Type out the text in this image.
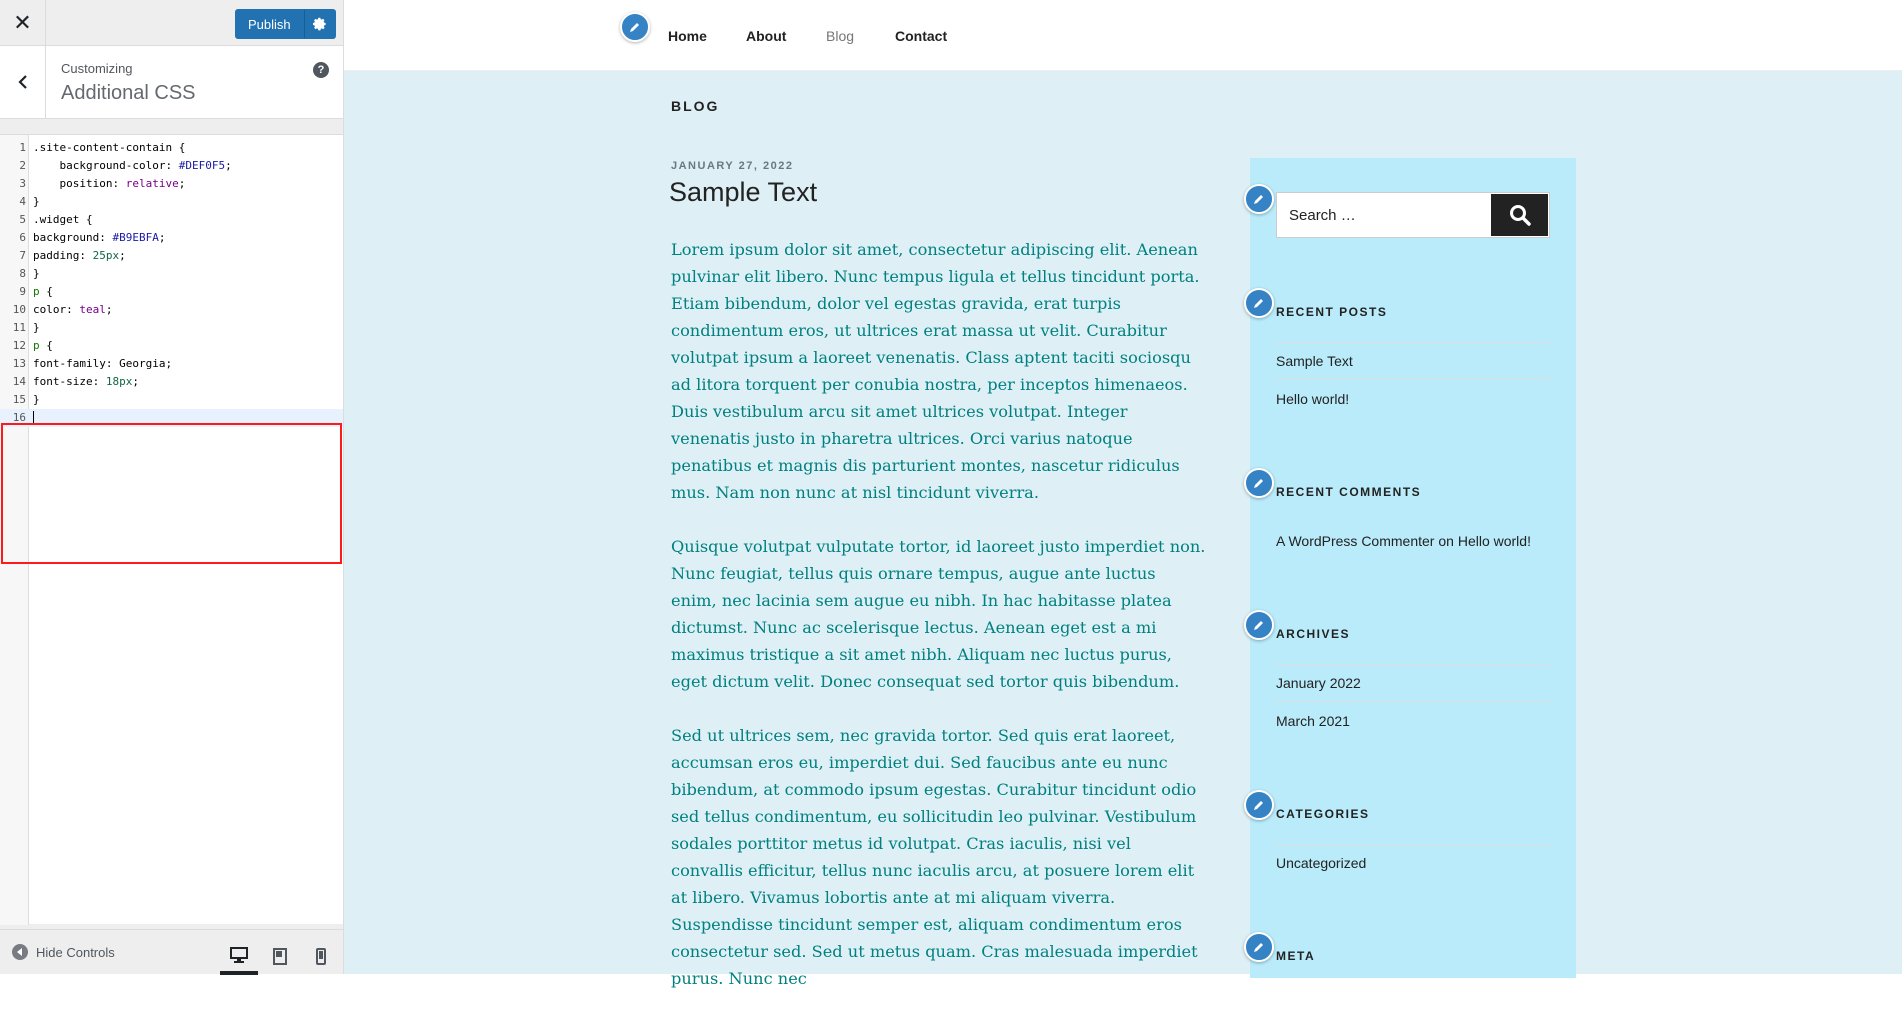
✕	Publish
Customizing
Additional CSS
?
1 .site-content-contain {
2	background-color: #DEF0F5;
3	position: relative;
4 }
5 .widget {
6 background: #B9EBFA;
7 padding: 25px;
8 }
9 p {
10 color: teal;
11 }
12 p {
13 font-family: Georgia;
14 font-size: 18px;
15 }
16
Hide Controls
Home	About	Blog	Contact
BLOG
JANUARY 27, 2022
Sample Text

Lorem ipsum dolor sit amet, consectetur adipiscing elit. Aenean pulvinar elit libero. Nunc tempus ligula et tellus tincidunt porta. Etiam bibendum, dolor vel egestas gravida, erat turpis condimentum eros, ut ultrices erat massa ut velit. Curabitur volutpat ipsum a laoreet venenatis. Class aptent taciti sociosqu ad litora torquent per conubia nostra, per inceptos himenaeos. Duis vestibulum arcu sit amet ultrices volutpat. Integer venenatis justo in pharetra ultrices. Orci varius natoque penatibus et magnis dis parturient montes, nascetur ridiculus mus. Nam non nunc at nisl tincidunt viverra.

Quisque volutpat vulputate tortor, id laoreet justo imperdiet non. Nunc feugiat, tellus quis ornare tempus, augue ante luctus enim, nec lacinia sem augue eu nibh. In hac habitasse platea dictumst. Nunc ac scelerisque lectus. Aenean eget est a mi maximus tristique a sit amet nibh. Aliquam nec luctus purus, eget dictum velit. Donec consequat sed tortor quis bibendum.

Sed ut ultrices sem, nec gravida tortor. Sed quis erat laoreet, accumsan eros eu, imperdiet dui. Sed faucibus ante eu nunc bibendum, at commodo ipsum egestas. Curabitur tincidunt odio sed tellus condimentum, eu sollicitudin leo pulvinar. Vestibulum sodales porttitor metus id volutpat. Cras iaculis, nisi vel convallis efficitur, tellus nunc iaculis arcu, at posuere lorem elit at libero. Vivamus lobortis ante at mi aliquam viverra. Suspendisse tincidunt semper est, aliquam condimentum eros consectetur sed. Sed ut metus quam. Cras malesuada imperdiet purus. Nunc nec

Search …
RECENT POSTS
Sample Text
Hello world!
RECENT COMMENTS
A WordPress Commenter on Hello world!
ARCHIVES
January 2022
March 2021
CATEGORIES
Uncategorized
META
